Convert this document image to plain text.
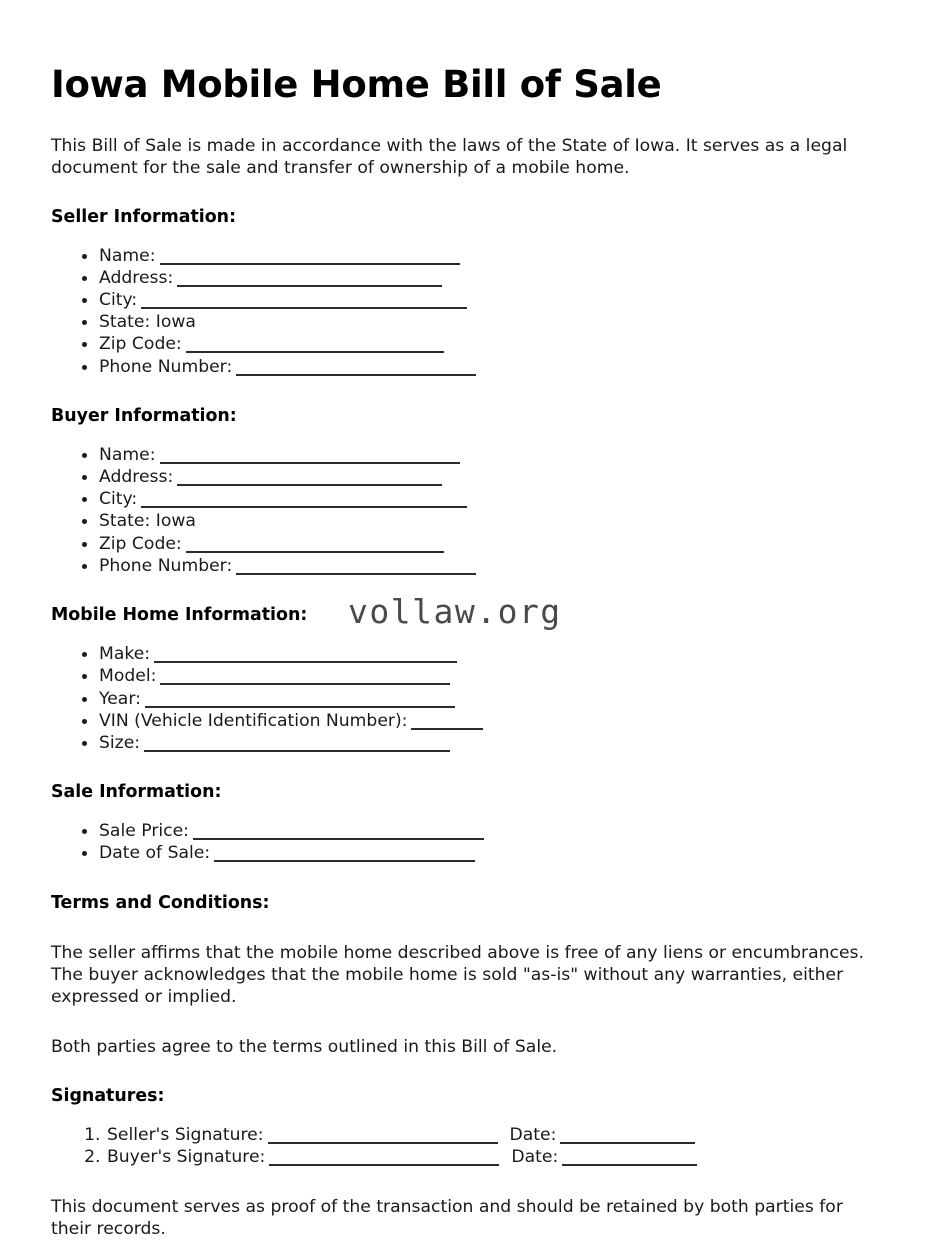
Iowa Mobile Home Bill of Sale

This Bill of Sale is made in accordance with the laws of the State of Iowa. It serves as a legal document for the sale and transfer of ownership of a mobile home.

Seller Information:
• Name:
• Address:
• City:
• State: Iowa
• Zip Code:
• Phone Number:
Buyer Information:
• Name:
• Address:
• City:
• State: Iowa
• Zip Code:
• Phone Number:
Mobile Home Information:
• Make:
• Model:
• Year:
• VIN (Vehicle Identification Number):
• Size:
Sale Information:
• Sale Price:
• Date of Sale:
Terms and Conditions:

The seller affirms that the mobile home described above is free of any liens or encumbrances. The buyer acknowledges that the mobile home is sold "as-is" without any warranties, either expressed or implied.

Both parties agree to the terms outlined in this Bill of Sale.

Signatures:
1. Seller's Signature:	Date:
2. Buyer's Signature:	Date:

This document serves as proof of the transaction and should be retained by both parties for their records.

vollaw.org
